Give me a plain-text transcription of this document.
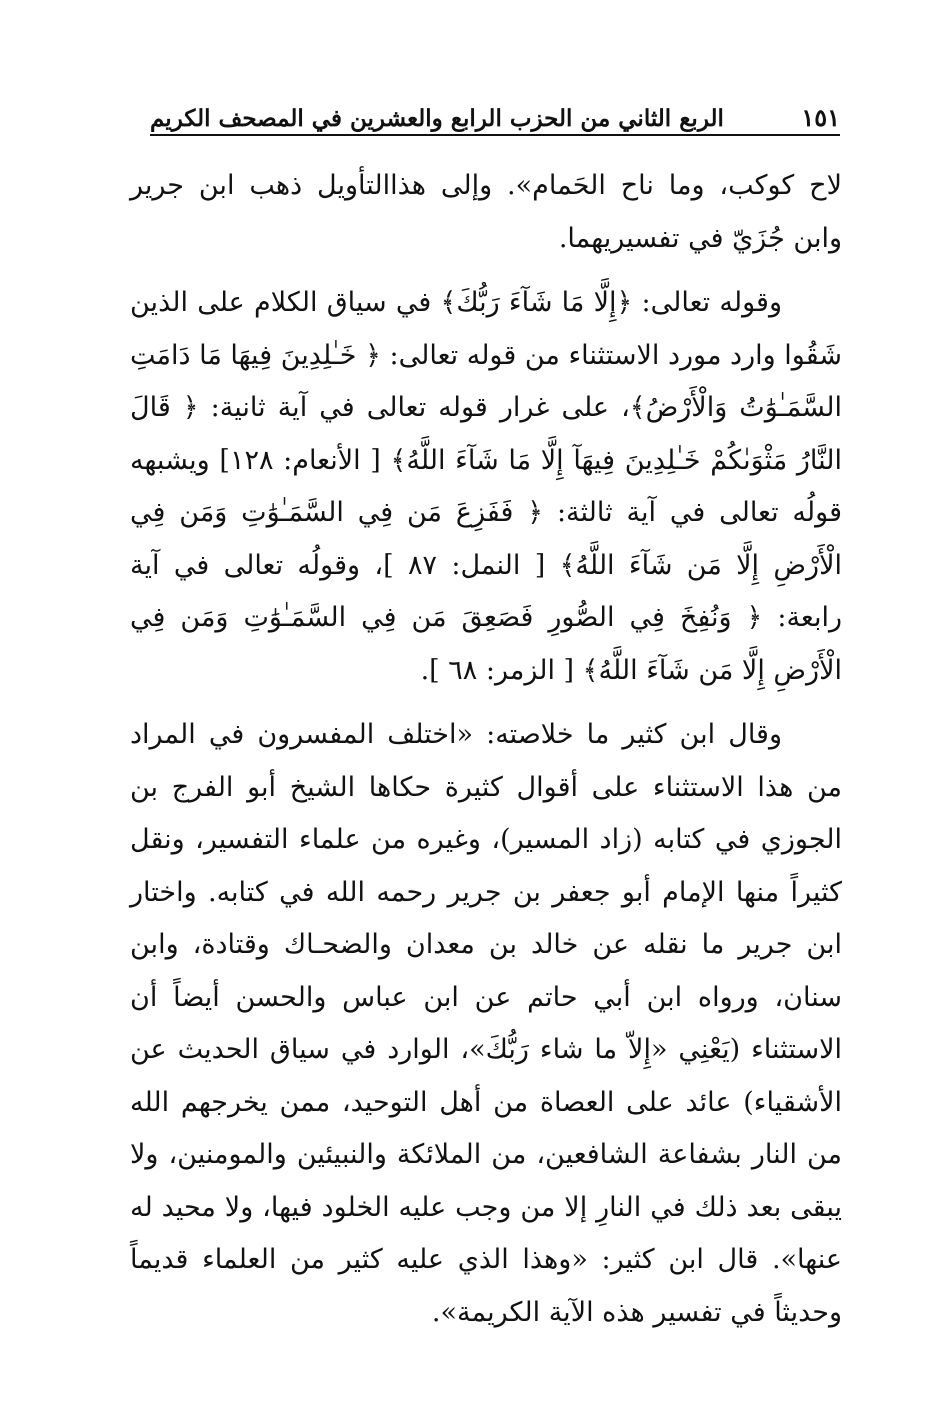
الربع الثاني من الحزب الرابع والعشرين في المصحف الكريم	١٥١

لاح كوكب، وما ناح الحَمام». وإلى هذاالتأويل ذهب ابن جرير وابن جُزَيّ في تفسيريهما.

وقوله تعالى: ﴿إِلَّا مَا شَآءَ رَبُّكَ﴾ في سياق الكلام على الذين شَقُوا وارد مورد الاستثناء من قوله تعالى: ﴿ خَـٰلِدِينَ فِيهَا مَا دَامَتِ السَّمَـٰوَٰتُ وَالْأَرْضُ﴾، على غرار قوله تعالى في آية ثانية: ﴿ قَالَ النَّارُ مَثْوَىٰكُمْ خَـٰلِدِينَ فِيهَآ إِلَّا مَا شَآءَ اللَّهُ﴾ [ الأنعام: ١٢٨] ويشبهه قولُه تعالى في آية ثالثة: ﴿ فَفَزِعَ مَن فِي السَّمَـٰوَٰتِ وَمَن فِي الْأَرْضِ إِلَّا مَن شَآءَ اللَّهُ﴾ [ النمل: ٨٧ ]، وقولُه تعالى في آية رابعة: ﴿ وَنُفِخَ فِي الصُّورِ فَصَعِقَ مَن فِي السَّمَـٰوَٰتِ وَمَن فِي الْأَرْضِ إِلَّا مَن شَآءَ اللَّهُ﴾ [ الزمر: ٦٨ ].

وقال ابن كثير ما خلاصته: «اختلف المفسرون في المراد من هذا الاستثناء على أقوال كثيرة حكاها الشيخ أبو الفرج بن الجوزي في كتابه (زاد المسير)، وغيره من علماء التفسير، ونقل كثيراً منها الإمام أبو جعفر بن جرير رحمه الله في كتابه. واختار ابن جرير ما نقله عن خالد بن معدان والضحـاك وقتادة، وابن سنان، ورواه ابن أبي حاتم عن ابن عباس والحسن أيضاً أن الاستثناء (يَعْنِي «إِلاّ ما شاء رَبُّكَ»، الوارد في سياق الحديث عن الأشقياء) عائد على العصاة من أهل التوحيد، ممن يخرجهم الله من النار بشفاعة الشافعين، من الملائكة والنبيئين والمومنين، ولا يبقى بعد ذلك في النارِ إلا من وجب عليه الخلود فيها، ولا محيد له عنها». قال ابن كثير: «وهذا الذي عليه كثير من العلماء قديماً وحديثاً في تفسير هذه الآية الكريمة».
